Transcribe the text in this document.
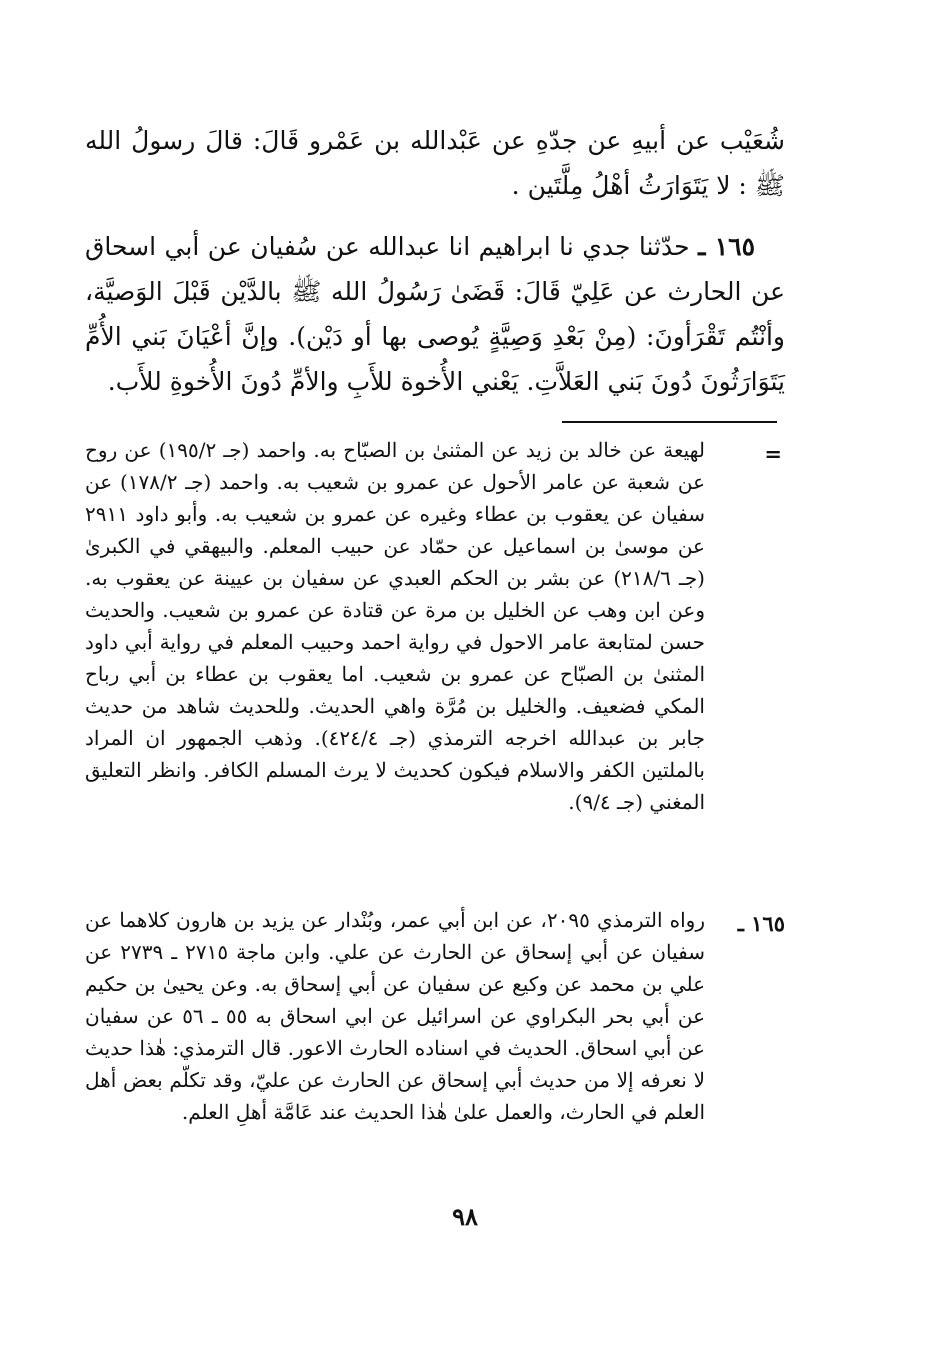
شُعَيْب عن أبيهِ عن جدّهِ عن عَبْدالله بن عَمْرو قَالَ: قالَ رسولُ الله ﷺ : لا يَتَوَارَثُ أهْلُ مِلَّتَين .

١٦٥ ـ حدّثنا جدي نا ابراهيم انا عبدالله عن سُفيان عن أبي اسحاق عن الحارث عن عَلِيّ قَالَ: قَضَىٰ رَسُولُ الله ﷺ بالدَّيْن قَبْلَ الوَصيَّة، وأنْتُم تَقْرَأونَ: (مِنْ بَعْدِ وَصِيَّةٍ يُوصى بها أو دَيْن). وإنَّ أعْيَانَ بَني الأُمِّ يَتَوَارَثُونَ دُونَ بَني العَلاَّتِ. يَعْني الأُخوة للأَبِ والأمِّ دُونَ الأُخوةِ للأَب.

=
لهيعة عن خالد بن زيد عن المثنىٰ بن الصبّاح به. واحمد (جـ ١٩٥/٢) عن روح عن شعبة عن عامر الأحول عن عمرو بن شعيب به. واحمد (جـ ١٧٨/٢) عن سفيان عن يعقوب بن عطاء وغيره عن عمرو بن شعيب به. وأبو داود ٢٩١١ عن موسىٰ بن اسماعيل عن حمّاد عن حبيب المعلم. والبيهقي في الكبرىٰ (جـ ٢١٨/٦) عن بشر بن الحكم العبدي عن سفيان بن عيينة عن يعقوب به. وعن ابن وهب عن الخليل بن مرة عن قتادة عن عمرو بن شعيب. والحديث حسن لمتابعة عامر الاحول في رواية احمد وحبيب المعلم في رواية أبي داود المثنىٰ بن الصبّاح عن عمرو بن شعيب. اما يعقوب بن عطاء بن أبي رباح المكي فضعيف. والخليل بن مُرَّة واهي الحديث. وللحديث شاهد من حديث جابر بن عبدالله اخرجه الترمذي (جـ ٤٢٤/٤). وذهب الجمهور ان المراد بالملتين الكفر والاسلام فيكون كحديث لا يرث المسلم الكافر. وانظر التعليق المغني (جـ ٩/٤).
١٦٥ ـ
رواه الترمذي ٢٠٩٥، عن ابن أبي عمر، وبُنْدار عن يزيد بن هارون كلاهما عن سفيان عن أبي إسحاق عن الحارث عن علي. وابن ماجة ٢٧١٥ ـ ٢٧٣٩ عن علي بن محمد عن وكيع عن سفيان عن أبي إسحاق به. وعن يحيىٰ بن حكيم عن أبي بحر البكراوي عن اسرائيل عن ابي اسحاق به ٥٥ ـ ٥٦ عن سفيان عن أبي اسحاق. الحديث في اسناده الحارث الاعور. قال الترمذي: هٰذا حديث لا نعرفه إلا من حديث أبي إسحاق عن الحارث عن عليّ، وقد تكلّم بعض أهل العلم في الحارث، والعمل علىٰ هٰذا الحديث عند عَامَّة أهلِ العلم.
٩٨
